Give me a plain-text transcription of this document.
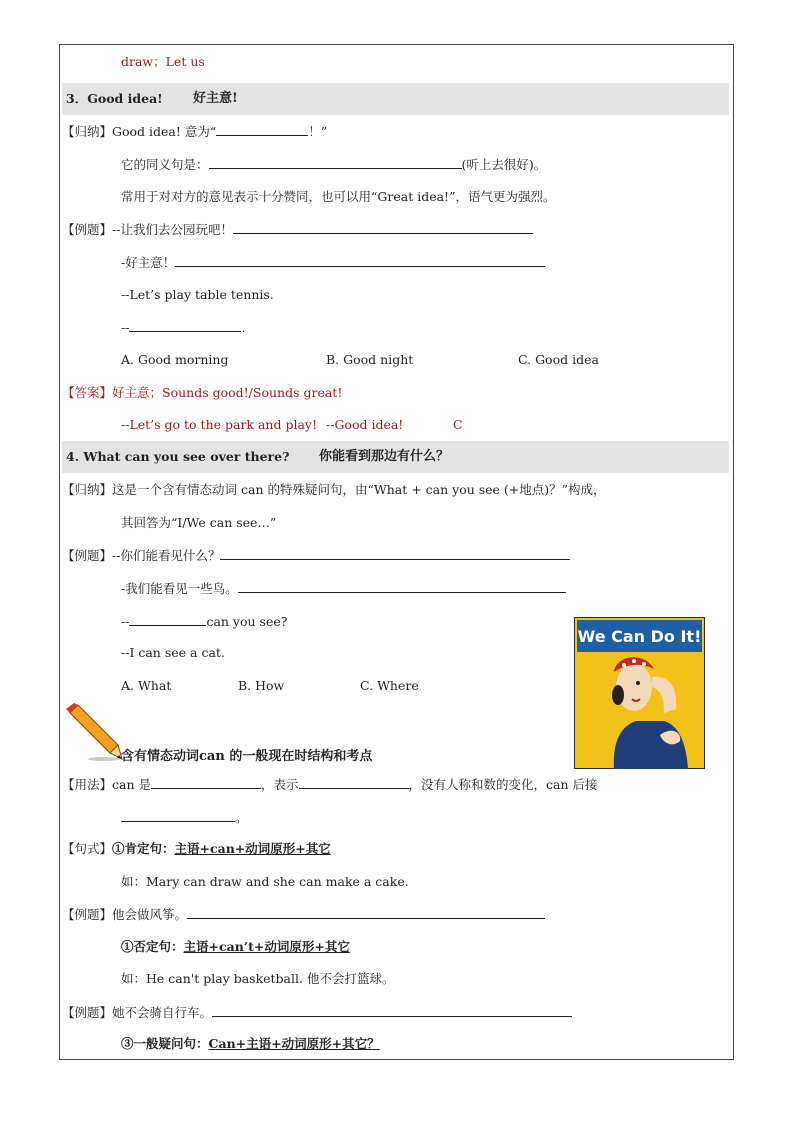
draw；Let us
3．Good idea! 好主意!
【归纳】Good idea! 意为“	！”
它的同义句是：	(听上去很好)。
常用于对对方的意见表示十分赞同，也可以用“Great idea!”，语气更为强烈。
【例题】--让我们去公园玩吧！
-好主意！
--Let’s play table tennis.
--	.
A. Good morning	B. Good night	C. Good idea
【答案】好主意；Sounds good!/Sounds great!
--Let’s go to the park and play! --Good idea!	C
4. What can you see over there? 你能看到那边有什么？
【归纳】这是一个含有情态动词 can 的特殊疑问句，由“What + can you see (+地点)？”构成，
其回答为“I/We can see…”
【例题】--你们能看见什么？
-我们能看见一些鸟。
--	can you see?
--I can see a cat.
A. What	B. How	C. Where
We Can Do It!
含有情态动词can 的一般现在时结构和考点
【用法】can 是	，表示	，没有人称和数的变化，can 后接
。
【句式】①肯定句：主语+can+动词原形+其它
如：Mary can draw and she can make a cake.
【例题】他会做风筝。
①否定句：主语+can’t+动词原形+其它
如：He can't play basketball. 他不会打篮球。
【例题】她不会骑自行车。
③一般疑问句：Can+主语+动词原形+其它？
